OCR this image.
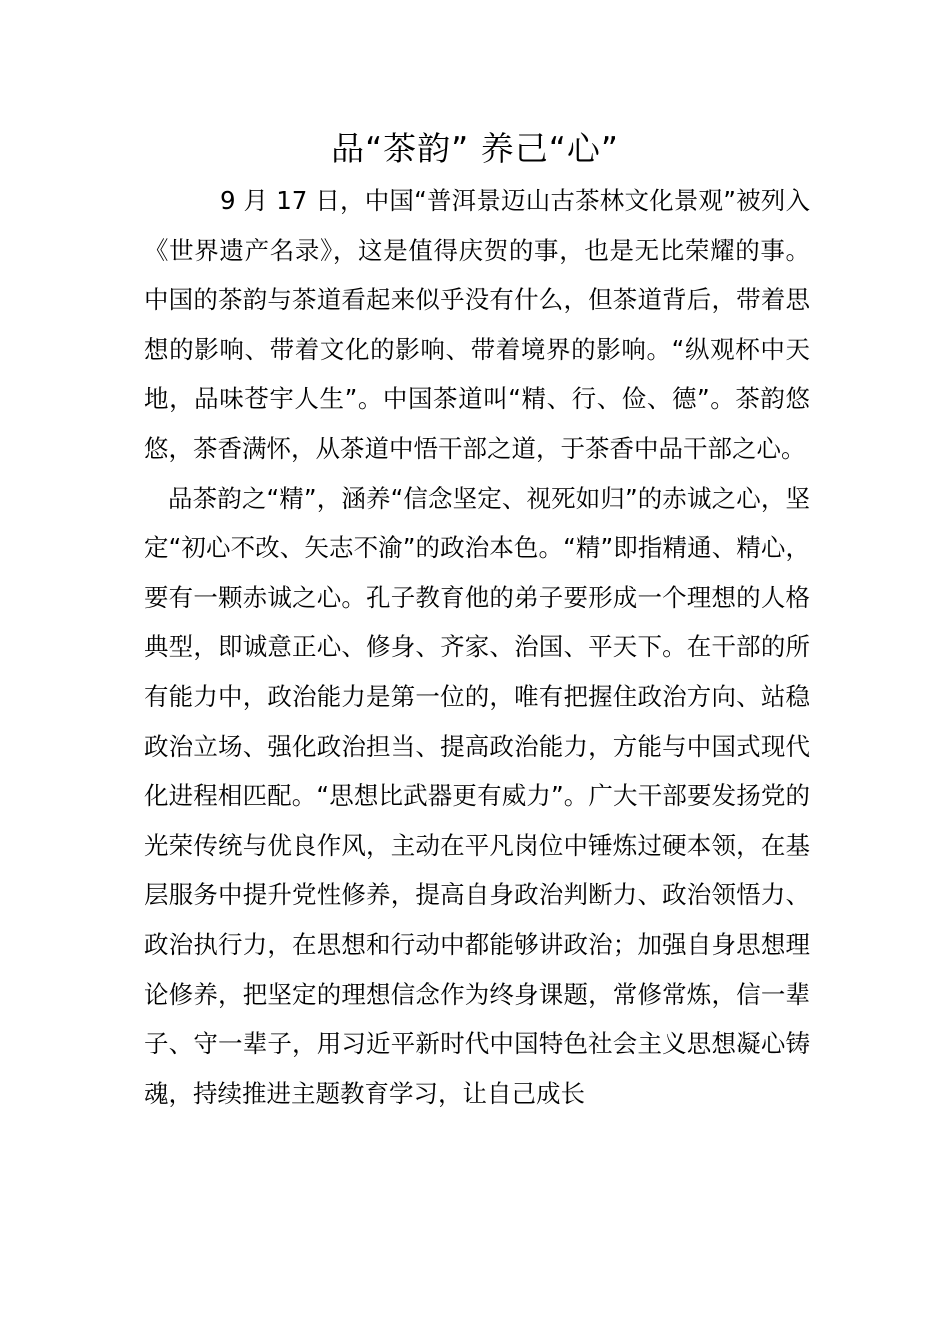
品“茶韵” 养己“心”

9 月 17 日，中国“普洱景迈山古茶林文化景观”被列入《世界遗产名录》，这是值得庆贺的事，也是无比荣耀的事。中国的茶韵与茶道看起来似乎没有什么，但茶道背后，带着思想的影响、带着文化的影响、带着境界的影响。“纵观杯中天地，品味苍宇人生”。中国茶道叫“精、行、俭、德”。茶韵悠悠，茶香满怀，从茶道中悟干部之道，于茶香中品干部之心。

品茶韵之“精”，涵养“信念坚定、视死如归”的赤诚之心，坚定“初心不改、矢志不渝”的政治本色。“精”即指精通、精心，要有一颗赤诚之心。孔子教育他的弟子要形成一个理想的人格典型，即诚意正心、修身、齐家、治国、平天下。在干部的所有能力中，政治能力是第一位的，唯有把握住政治方向、站稳政治立场、强化政治担当、提高政治能力，方能与中国式现代化进程相匹配。“思想比武器更有威力”。广大干部要发扬党的光荣传统与优良作风，主动在平凡岗位中锤炼过硬本领，在基层服务中提升党性修养，提高自身政治判断力、政治领悟力、政治执行力，在思想和行动中都能够讲政治；加强自身思想理论修养，把坚定的理想信念作为终身课题，常修常炼，信一辈子、守一辈子，用习近平新时代中国特色社会主义思想凝心铸魂，持续推进主题教育学习，让自己成长
